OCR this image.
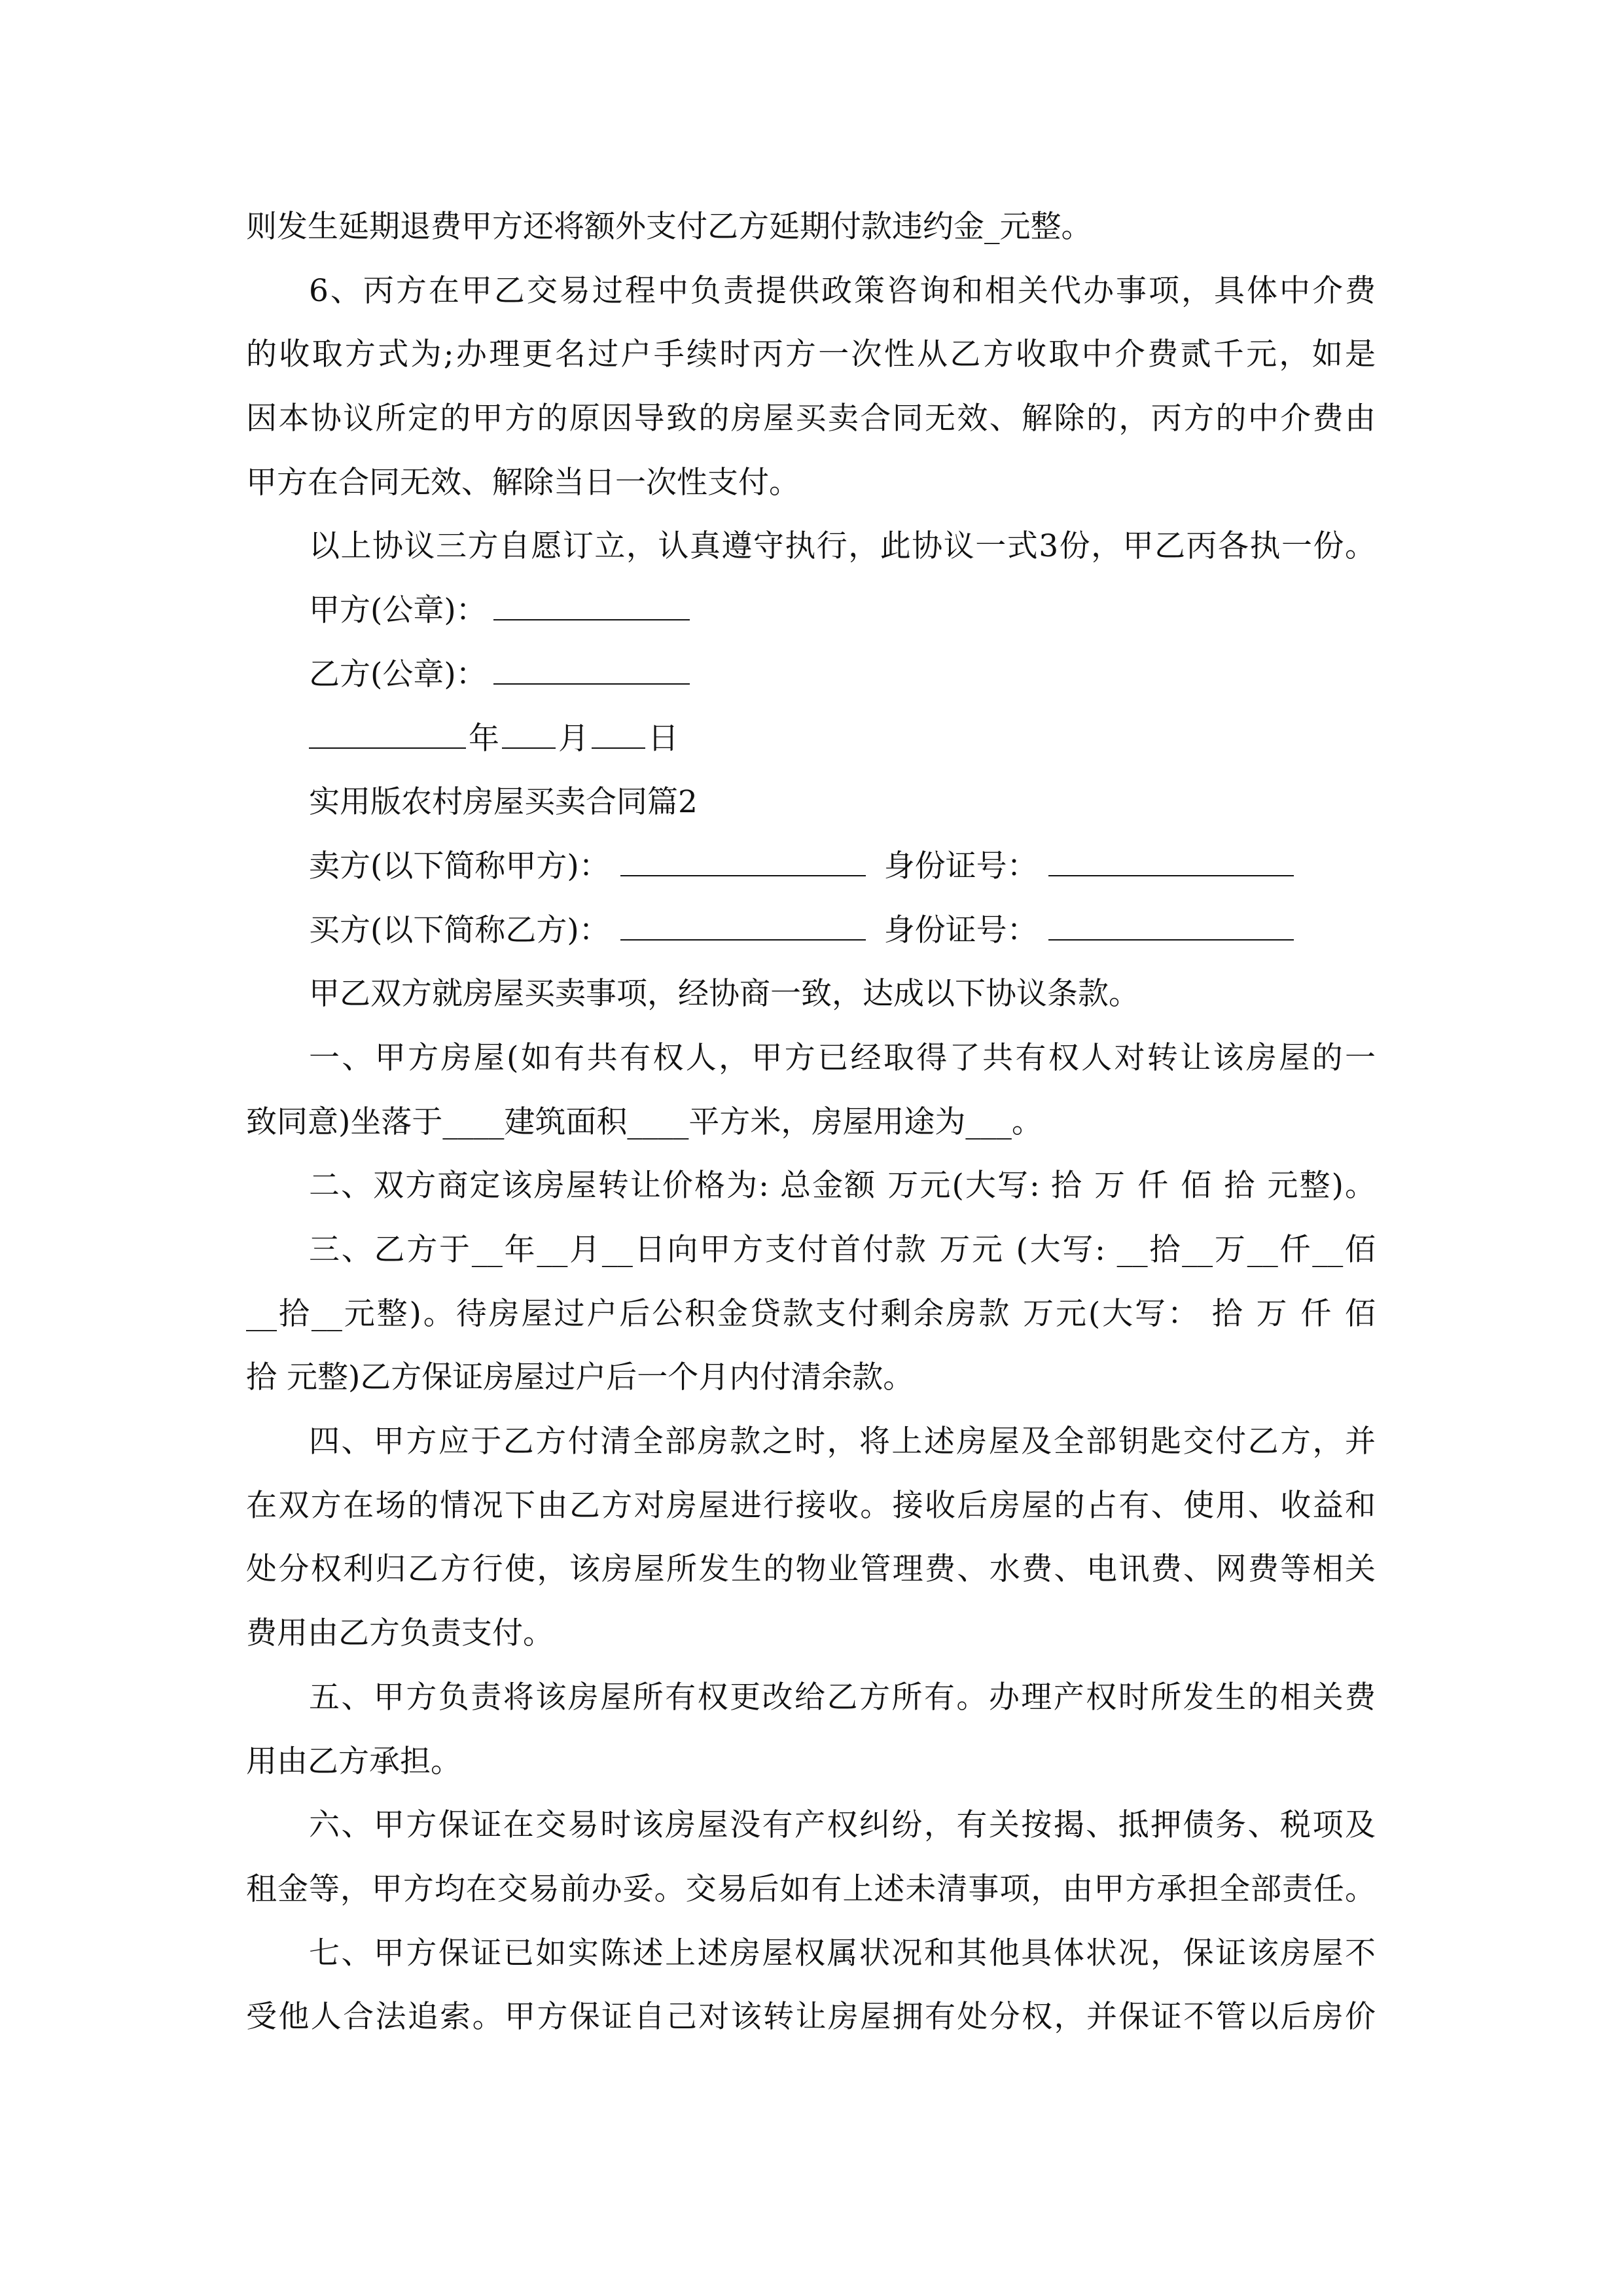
则发生延期退费甲方还将额外支付乙方延期付款违约金_元整。
6、丙方在甲乙交易过程中负责提供政策咨询和相关代办事项，具体中介费
的收取方式为;办理更名过户手续时丙方一次性从乙方收取中介费贰千元，如是
因本协议所定的甲方的原因导致的房屋买卖合同无效、解除的，丙方的中介费由
甲方在合同无效、解除当日一次性支付。
以上协议三方自愿订立，认真遵守执行，此协议一式3份，甲乙丙各执一份。
甲方(公章)：
乙方(公章)：
年 月 日
实用版农村房屋买卖合同篇2
卖方(以下简称甲方)：	身份证号：
买方(以下简称乙方)：	身份证号：
甲乙双方就房屋买卖事项，经协商一致，达成以下协议条款。
一、甲方房屋(如有共有权人，甲方已经取得了共有权人对转让该房屋的一
致同意)坐落于____建筑面积____平方米，房屋用途为___。
二、双方商定该房屋转让价格为: 总金额 万元(大写: 拾 万 仟 佰 拾 元整)。
三、乙方于__年__月__日向甲方支付首付款 万元 (大写: __拾__万__仟__佰
__拾__元整)。待房屋过户后公积金贷款支付剩余房款 万元(大写： 拾 万 仟 佰
拾 元整)乙方保证房屋过户后一个月内付清余款。
四、甲方应于乙方付清全部房款之时，将上述房屋及全部钥匙交付乙方，并
在双方在场的情况下由乙方对房屋进行接收。接收后房屋的占有、使用、收益和
处分权利归乙方行使，该房屋所发生的物业管理费、水费、电讯费、网费等相关
费用由乙方负责支付。
五、甲方负责将该房屋所有权更改给乙方所有。办理产权时所发生的相关费
用由乙方承担。
六、甲方保证在交易时该房屋没有产权纠纷，有关按揭、抵押债务、税项及
租金等，甲方均在交易前办妥。交易后如有上述未清事项，由甲方承担全部责任。
七、甲方保证已如实陈述上述房屋权属状况和其他具体状况，保证该房屋不
受他人合法追索。甲方保证自己对该转让房屋拥有处分权，并保证不管以后房价
